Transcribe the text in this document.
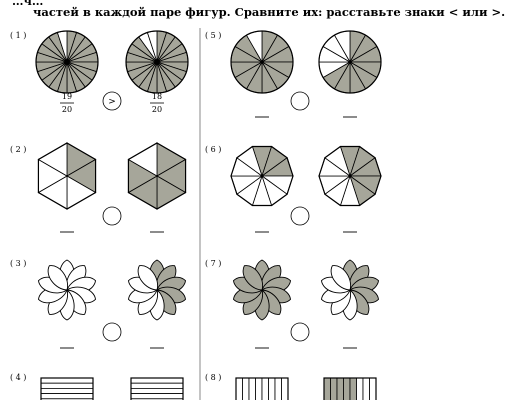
…ч…
частей в каждой паре фигур. Сравните их: расставьте знаки < или >.
( 1 )
19
20
18
20
>
( 2 )
( 3 )
( 4 )
( 5 )
( 6 )
( 7 )
( 8 )
